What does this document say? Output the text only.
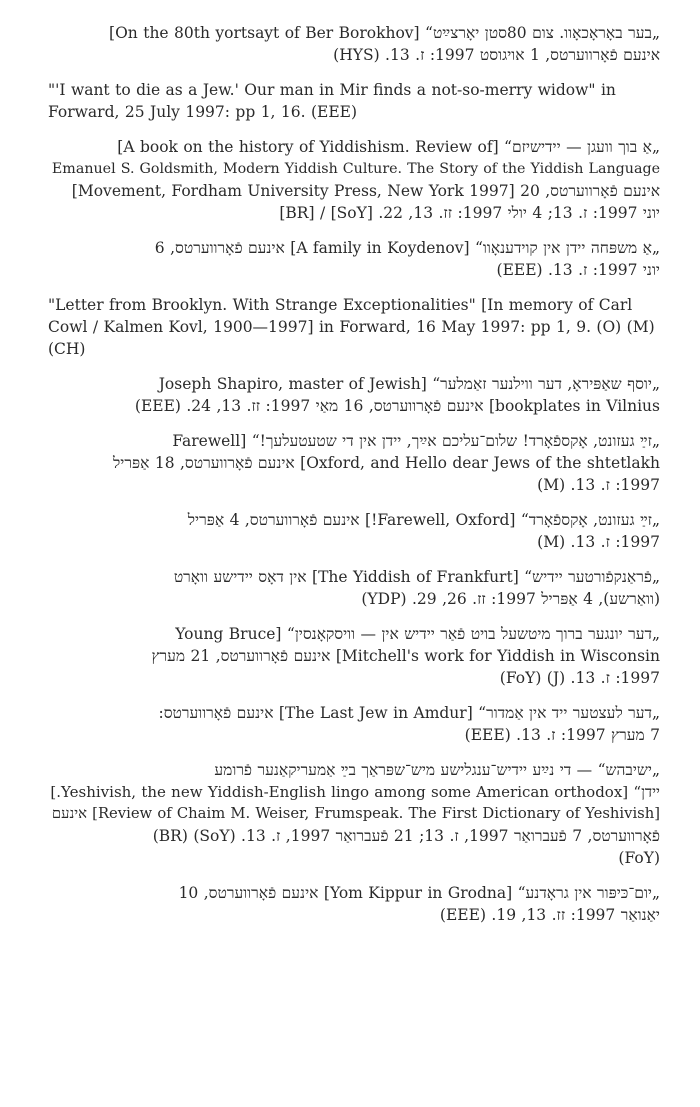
„בער באָראָכאָוו. צום 80סטן יאָרצײַט“ [On the 80th yortsayt of Ber Borokhov]
אינעם פֿאָרווערטס, 1 אויגוסט 1997: ז. 13. (HYS)
"'I want to die as a Jew.' Our man in Mir finds a not-so-merry widow" in
Forward, 25 July 1997: pp 1, 16. (EEE)
„אַ בוך וועגן — יידישיזם“ [A book on the history of Yiddishism. Review of]
Emanuel S. Goldsmith, Modern Yiddish Culture. The Story of the Yiddish Language
אינעם פֿאָרווערטס, 20 [Movement, Fordham University Press, New York 1997]
יוני 1997: ז. 13; 4 יולי 1997: זז. 13, 22. [SoY] / [BR]
„אַ משפּחה יידן אין קוידענאָוו“ [A family in Koydenov] אינעם פֿאָרווערטס, 6
יוני 1997: ז. 13. (EEE)
"Letter from Brooklyn. With Strange Exceptionalities" [In memory of Carl
Cowl / Kalmen Kovl, 1900—1997] in Forward, 16 May 1997: pp 1, 9. (O) (M)
(CH)
„יוסף שאַפּיראָ, דער ווילנער זאַמלער“ [Joseph Shapiro, master of Jewish
bookplates in Vilnius] אינעם פֿאָרווערטס, 16 מאַי 1997: זז. 13, 24. (EEE)
„זײַ געזונט, אָקספֿאָרד! שלום־עליכם אײַך, יידן אין די שטעטעלעך!“ [Farewell
Oxford, and Hello dear Jews of the shtetlakh] אינעם פֿאָרווערטס, 18 אַפּריל
1997: ז. 13. (M)
„זײַ געזונט, אָקספֿאָרד“ [Farewell, Oxford!] אינעם פֿאָרווערטס, 4 אַפּריל
1997: ז. 13. (M)
„פֿראַנקפֿורטער יידיש“ [The Yiddish of Frankfurt] אין דאָס יידישע וואָרט
(וואַרשע), 4 אַפּריל 1997: זז. 26, 29. (YDP)
„דער יונגער ברוך מיטשעל בויט פֿאַר יידיש אין — וויסקאָנסין“ [Young Bruce
Mitchell's work for Yiddish in Wisconsin] אינעם פֿאָרווערטס, 21 מערץ
1997: ז. 13. (J) (FoY)
„דער לעצטער ייד אין אַמדור“ [The Last Jew in Amdur] אינעם פֿאָרווערטס:
7 מערץ 1997: ז. 13. (EEE)
„ישיבהש“ — די נײַע יידיש־ענגלישע מיש־שפּראַך בײַ אַמעריקאַנער פֿרומע
יידן“ [Yeshivish, the new Yiddish-English lingo among some American orthodox.]
[Review of Chaim M. Weiser, Frumspeak. The First Dictionary of Yeshivish] אינעם
פֿאָרווערטס, 7 פֿעברואַר 1997, ז. 13; 21 פֿעברואַר 1997, ז. 13. (SoY) (BR)
(FoY)
„יום־כּיפּור אין גראָדנע“ [Yom Kippur in Grodna] אינעם פֿאָרווערטס, 10
יאַנואַר 1997: זז. 13, 19. (EEE)
